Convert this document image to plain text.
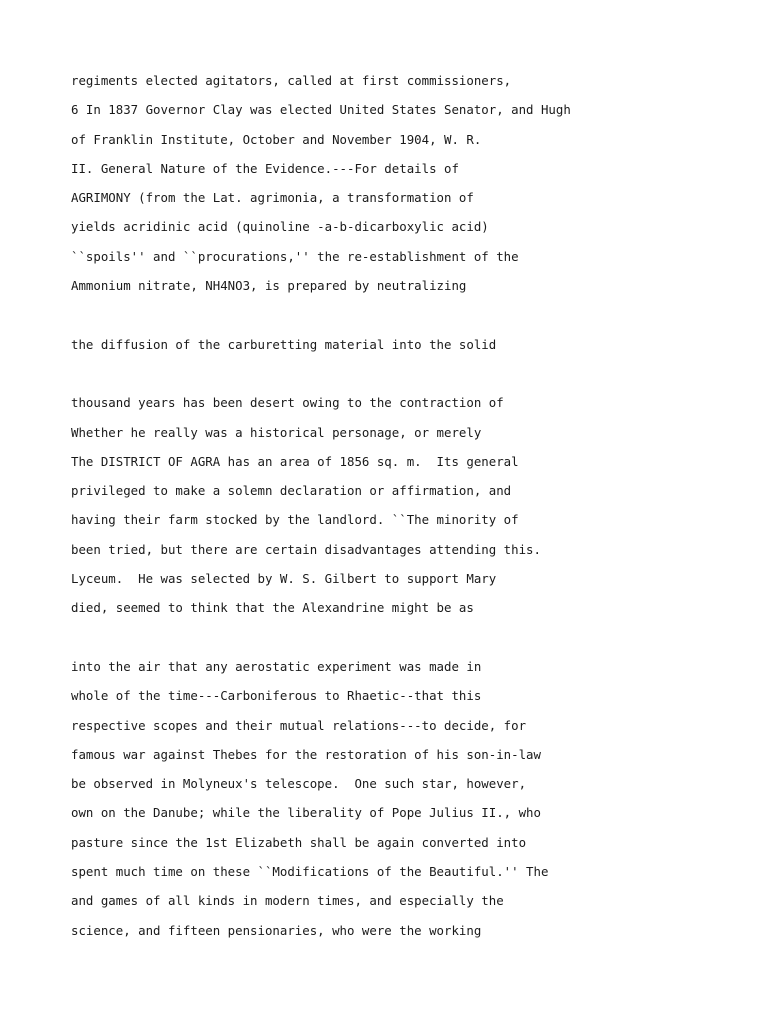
regiments elected agitators, called at first commissioners,
6 In 1837 Governor Clay was elected United States Senator, and Hugh
of Franklin Institute, October and November 1904, W. R.
II. General Nature of the Evidence.---For details of
AGRIMONY (from the Lat. agrimonia, a transformation of
yields acridinic acid (quinoline -a-b-dicarboxylic acid)
``spoils'' and ``procurations,'' the re-establishment of the
Ammonium nitrate, NH4NO3, is prepared by neutralizing
the diffusion of the carburetting material into the solid
thousand years has been desert owing to the contraction of
Whether he really was a historical personage, or merely
The DISTRICT OF AGRA has an area of 1856 sq. m.  Its general
privileged to make a solemn declaration or affirmation, and
having their farm stocked by the landlord. ``The minority of
been tried, but there are certain disadvantages attending this.
Lyceum.  He was selected by W. S. Gilbert to support Mary
died, seemed to think that the Alexandrine might be as
into the air that any aerostatic experiment was made in
whole of the time---Carboniferous to Rhaetic--that this
respective scopes and their mutual relations---to decide, for
famous war against Thebes for the restoration of his son-in-law
be observed in Molyneux's telescope.  One such star, however,
own on the Danube; while the liberality of Pope Julius II., who
pasture since the 1st Elizabeth shall be again converted into
spent much time on these ``Modifications of the Beautiful.'' The
and games of all kinds in modern times, and especially the
science, and fifteen pensionaries, who were the working
